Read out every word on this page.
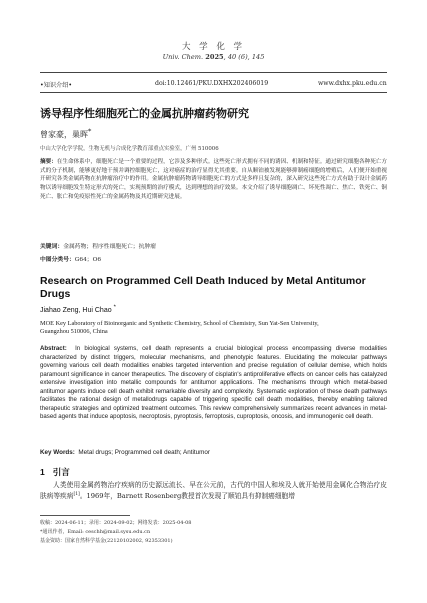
大 学 化 学
Univ. Chem. 2025, 40 (6), 145
•知识介绍•	doi:10.12461/PKU.DXHX202406019	www.dxhx.pku.edu.cn
诱导程序性细胞死亡的金属抗肿瘤药物研究
曾家豪，巢晖*
中山大学化学学院，生物无机与合成化学教育部重点实验室，广州 510006
摘要：在生命体系中，细胞死亡是一个重要的过程，它涉及多种形式。这些死亡形式拥有不同的诱因、机制和特征。通过研究细胞各种死亡方式的分子机制，能够更好地干预并调控细胞死亡，这对癌症的治疗显得尤其重要。自从顺铂被发现能够抑制癌细胞的增殖后，人们便开始重视开研究各类金属药物在抗肿瘤治疗中的作用。金属抗肿瘤药物诱导细胞死亡的方式是多样且复杂的，深入研究这些死亡方式有助于设计金属药物以诱导细胞发生特定形式的死亡，实现预期的治疗模式，达到理想的治疗效果。本文介绍了诱导细胞凋亡、坏死性凋亡、焦亡、铁死亡、铜死亡、胀亡和免疫原性死亡的金属药物及其近期研究进展。
关键词：金属药物；程序性细胞死亡；抗肿瘤
中图分类号：G64；O6
Research on Programmed Cell Death Induced by Metal Antitumor Drugs
Jiahao Zeng, Hui Chao *
MOE Key Laboratory of Bioinorganic and Synthetic Chemistry, School of Chemistry, Sun Yat-Sen University, Guangzhou 510006, China
Abstract: In biological systems, cell death represents a crucial biological process encompassing diverse modalities characterized by distinct triggers, molecular mechanisms, and phenotypic features. Elucidating the molecular pathways governing various cell death modalities enables targeted intervention and precise regulation of cellular demise, which holds paramount significance in cancer therapeutics. The discovery of cisplatin's antiproliferative effects on cancer cells has catalyzed extensive investigation into metallic compounds for antitumor applications. The mechanisms through which metal-based antitumor agents induce cell death exhibit remarkable diversity and complexity. Systematic exploration of these death pathways facilitates the rational design of metallodrugs capable of triggering specific cell death modalities, thereby enabling tailored therapeutic strategies and optimized treatment outcomes. This review comprehensively summarizes recent advances in metal-based agents that induce apoptosis, necroptosis, pyroptosis, ferroptosis, cuproptosis, oncosis, and immunogenic cell death.
Key Words: Metal drugs; Programmed cell death; Antitumor
1 引言
人类使用金属药物治疗疾病的历史源远流长、早在公元前，古代的中国人和埃及人就开始使用金属化合物治疗皮肤病等疾病[1]。1969年，Barnett Rosenberg教授首次发现了顺铂具有抑制癌细胞增
收稿：2024-06-11；录用：2024-09-02；网络发表：2025-04-08
*通讯作者，Email: ceschh@mail.sysu.edu.cn
基金资助：国家自然科学基金(22120102002, 92353301)
